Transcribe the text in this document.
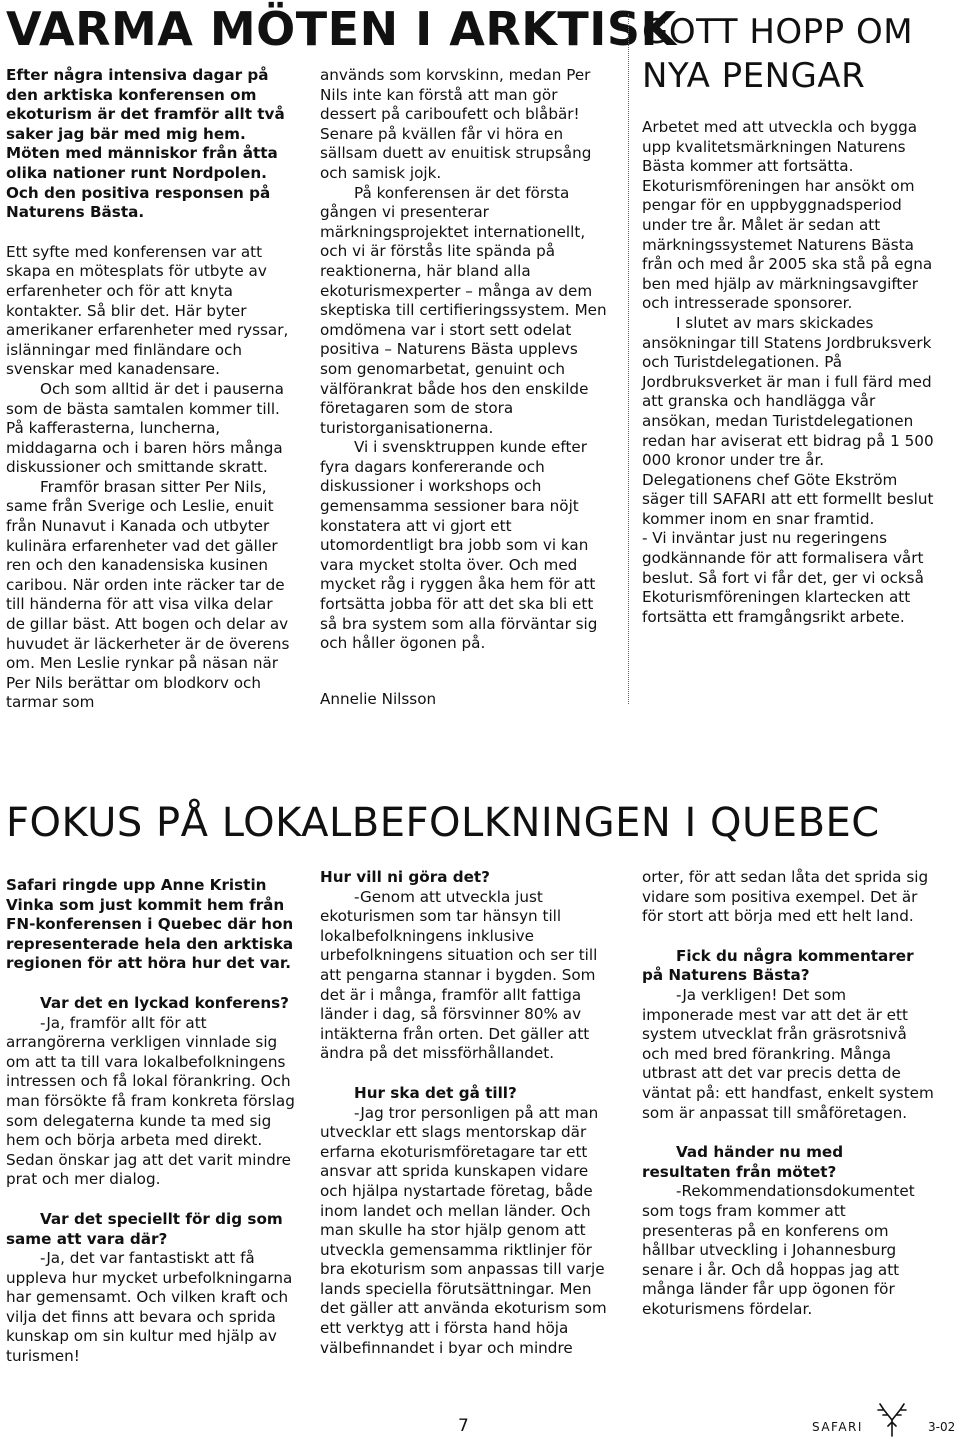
VARMA MÖTEN I ARKTISK
GOTT HOPP OM NYA PENGAR

Efter några intensiva dagar på den arktiska konferensen om ekoturism är det framför allt två saker jag bär med mig hem. Möten med människor från åtta olika nationer runt Nordpolen. Och den positiva responsen på Naturens Bästa.

Ett syfte med konferensen var att skapa en mötesplats för utbyte av erfarenheter och för att knyta kontakter. Så blir det. Här byter amerikaner erfarenheter med ryssar, islänningar med finländare och svenskar med kanadensare.

Och som alltid är det i pauserna som de bästa samtalen kommer till. På kafferasterna, luncherna, middagarna och i baren hörs många diskussioner och smittande skratt.

Framför brasan sitter Per Nils, same från Sverige och Leslie, enuit från Nunavut i Kanada och utbyter kulinära erfarenheter vad det gäller ren och den kanadensiska kusinen caribou. När orden inte räcker tar de till händerna för att visa vilka delar de gillar bäst. Att bogen och delar av huvudet är läckerheter är de överens om. Men Leslie rynkar på näsan när Per Nils berättar om blodkorv och tarmar som

används som korvskinn, medan Per Nils inte kan förstå att man gör dessert på cariboufett och blåbär! Senare på kvällen får vi höra en sällsam duett av enuitisk strupsång och samisk jojk.

På konferensen är det första gången vi presenterar märkningsprojektet internationellt, och vi är förstås lite spända på reaktionerna, här bland alla ekoturismexperter – många av dem skeptiska till certifieringssystem. Men omdömena var i stort sett odelat positiva – Naturens Bästa upplevs som genomarbetat, genuint och välförankrat både hos den enskilde företagaren som de stora turistorganisationerna.

Vi i svensktruppen kunde efter fyra dagars konfererande och diskussioner i workshops och gemensamma sessioner bara nöjt konstatera att vi gjort ett utomordentligt bra jobb som vi kan vara mycket stolta över. Och med mycket råg i ryggen åka hem för att fortsätta jobba för att det ska bli ett så bra system som alla förväntar sig och håller ögonen på.

Annelie Nilsson

Arbetet med att utveckla och bygga upp kvalitetsmärkningen Naturens Bästa kommer att fortsätta. Ekoturismföreningen har ansökt om pengar för en uppbyggnadsperiod under tre år. Målet är sedan att märkningssystemet Naturens Bästa från och med år 2005 ska stå på egna ben med hjälp av märkningsavgifter och intresserade sponsorer.

I slutet av mars skickades ansökningar till Statens Jordbruksverk och Turistdelegationen. På Jordbruksverket är man i full färd med att granska och handlägga vår ansökan, medan Turistdelegationen redan har aviserat ett bidrag på 1 500 000 kronor under tre år.

Delegationens chef Göte Ekström säger till SAFARI att ett formellt beslut kommer inom en snar framtid.

- Vi inväntar just nu regeringens godkännande för att formalisera vårt beslut. Så fort vi får det, ger vi också Ekoturismföreningen klartecken att fortsätta ett framgångsrikt arbete.

FOKUS PÅ LOKALBEFOLKNINGEN I QUEBEC

Safari ringde upp Anne Kristin Vinka som just kommit hem från FN-konferensen i Quebec där hon representerade hela den arktiska regionen för att höra hur det var.

Var det en lyckad konferens?

-Ja, framför allt för att arrangörerna verkligen vinnlade sig om att ta till vara lokalbefolkningens intressen och få lokal förankring. Och man försökte få fram konkreta förslag som delegaterna kunde ta med sig hem och börja arbeta med direkt. Sedan önskar jag att det varit mindre prat och mer dialog.

Var det speciellt för dig som same att vara där?

-Ja, det var fantastiskt att få uppleva hur mycket urbefolkningarna har gemensamt. Och vilken kraft och vilja det finns att bevara och sprida kunskap om sin kultur med hjälp av turismen!

Hur vill ni göra det?

-Genom att utveckla just ekoturismen som tar hänsyn till lokalbefolkningens inklusive urbefolkningens situation och ser till att pengarna stannar i bygden. Som det är i många, framför allt fattiga länder i dag, så försvinner 80% av intäkterna från orten. Det gäller att ändra på det missförhållandet.

Hur ska det gå till?

-Jag tror personligen på att man utvecklar ett slags mentorskap där erfarna ekoturismföretagare tar ett ansvar att sprida kunskapen vidare och hjälpa nystartade företag, både inom landet och mellan länder. Och man skulle ha stor hjälp genom att utveckla gemensamma riktlinjer för bra ekoturism som anpassas till varje lands speciella förutsättningar. Men det gäller att använda ekoturism som ett verktyg att i första hand höja välbefinnandet i byar och mindre

orter, för att sedan låta det sprida sig vidare som positiva exempel. Det är för stort att börja med ett helt land.

Fick du några kommentarer på Naturens Bästa?

-Ja verkligen! Det som imponerade mest var att det är ett system utvecklat från gräsrotsnivå och med bred förankring. Många utbrast att det var precis detta de väntat på: ett handfast, enkelt system som är anpassat till småföretagen.

Vad händer nu med resultaten från mötet?

-Rekommendationsdokumentet som togs fram kommer att presenteras på en konferens om hållbar utveckling i Johannesburg senare i år. Och då hoppas jag att många länder får upp ögonen för ekoturismens fördelar.

7	SAFARI	3-02
